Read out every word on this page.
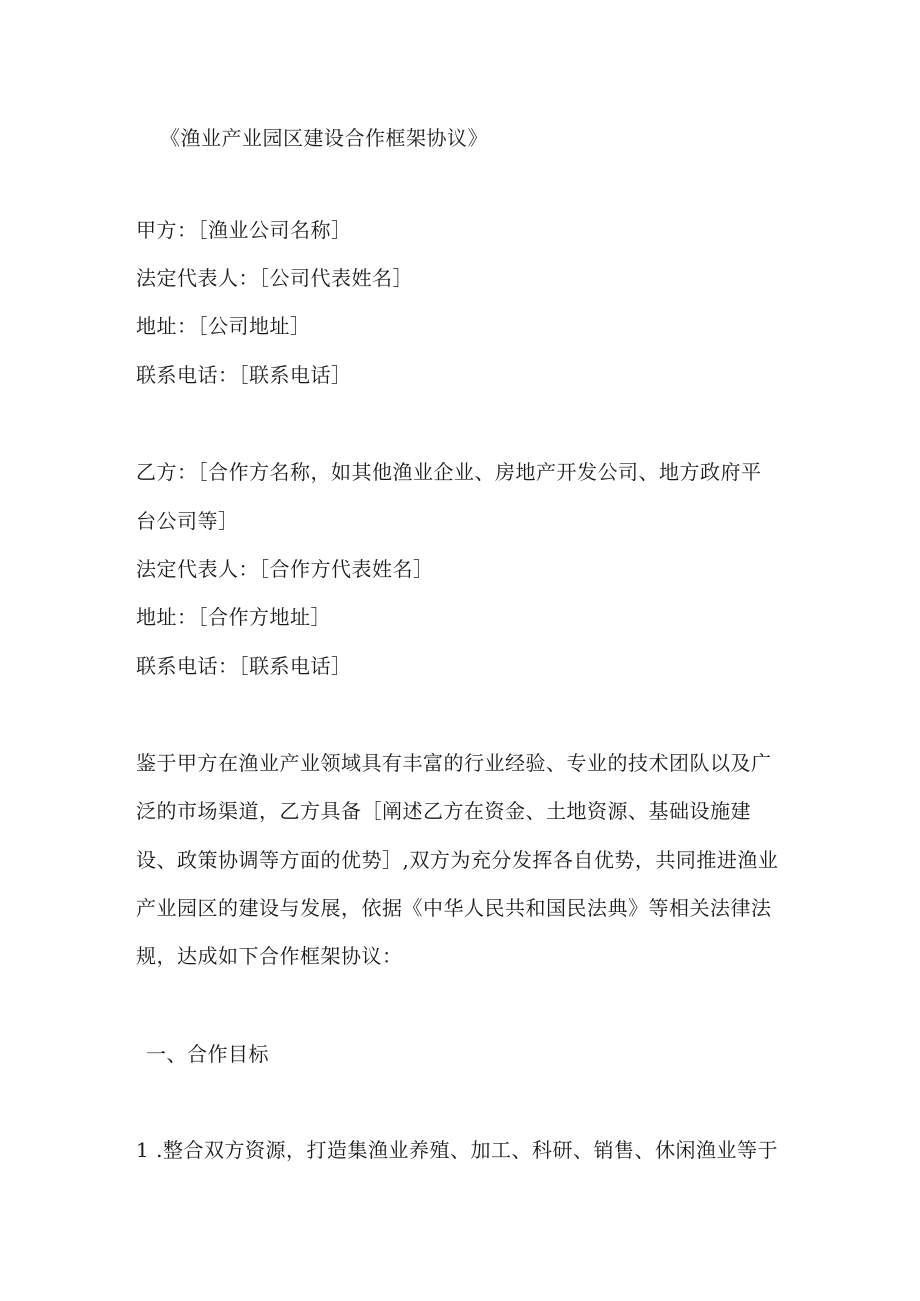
《渔业产业园区建设合作框架协议》
甲方：［渔业公司名称］
法定代表人：［公司代表姓名］
地址：［公司地址］
联系电话：［联系电话］
乙方：［合作方名称，如其他渔业企业、房地产开发公司、地方政府平
台公司等］
法定代表人：［合作方代表姓名］
地址：［合作方地址］
联系电话：［联系电话］
鉴于甲方在渔业产业领域具有丰富的行业经验、专业的技术团队以及广
泛的市场渠道，乙方具备［阐述乙方在资金、土地资源、基础设施建
设、政策协调等方面的优势］,双方为充分发挥各自优势，共同推进渔业
产业园区的建设与发展，依据《中华人民共和国民法典》等相关法律法
规，达成如下合作框架协议：
一、合作目标
1 .整合双方资源，打造集渔业养殖、加工、科研、销售、休闲渔业等于
